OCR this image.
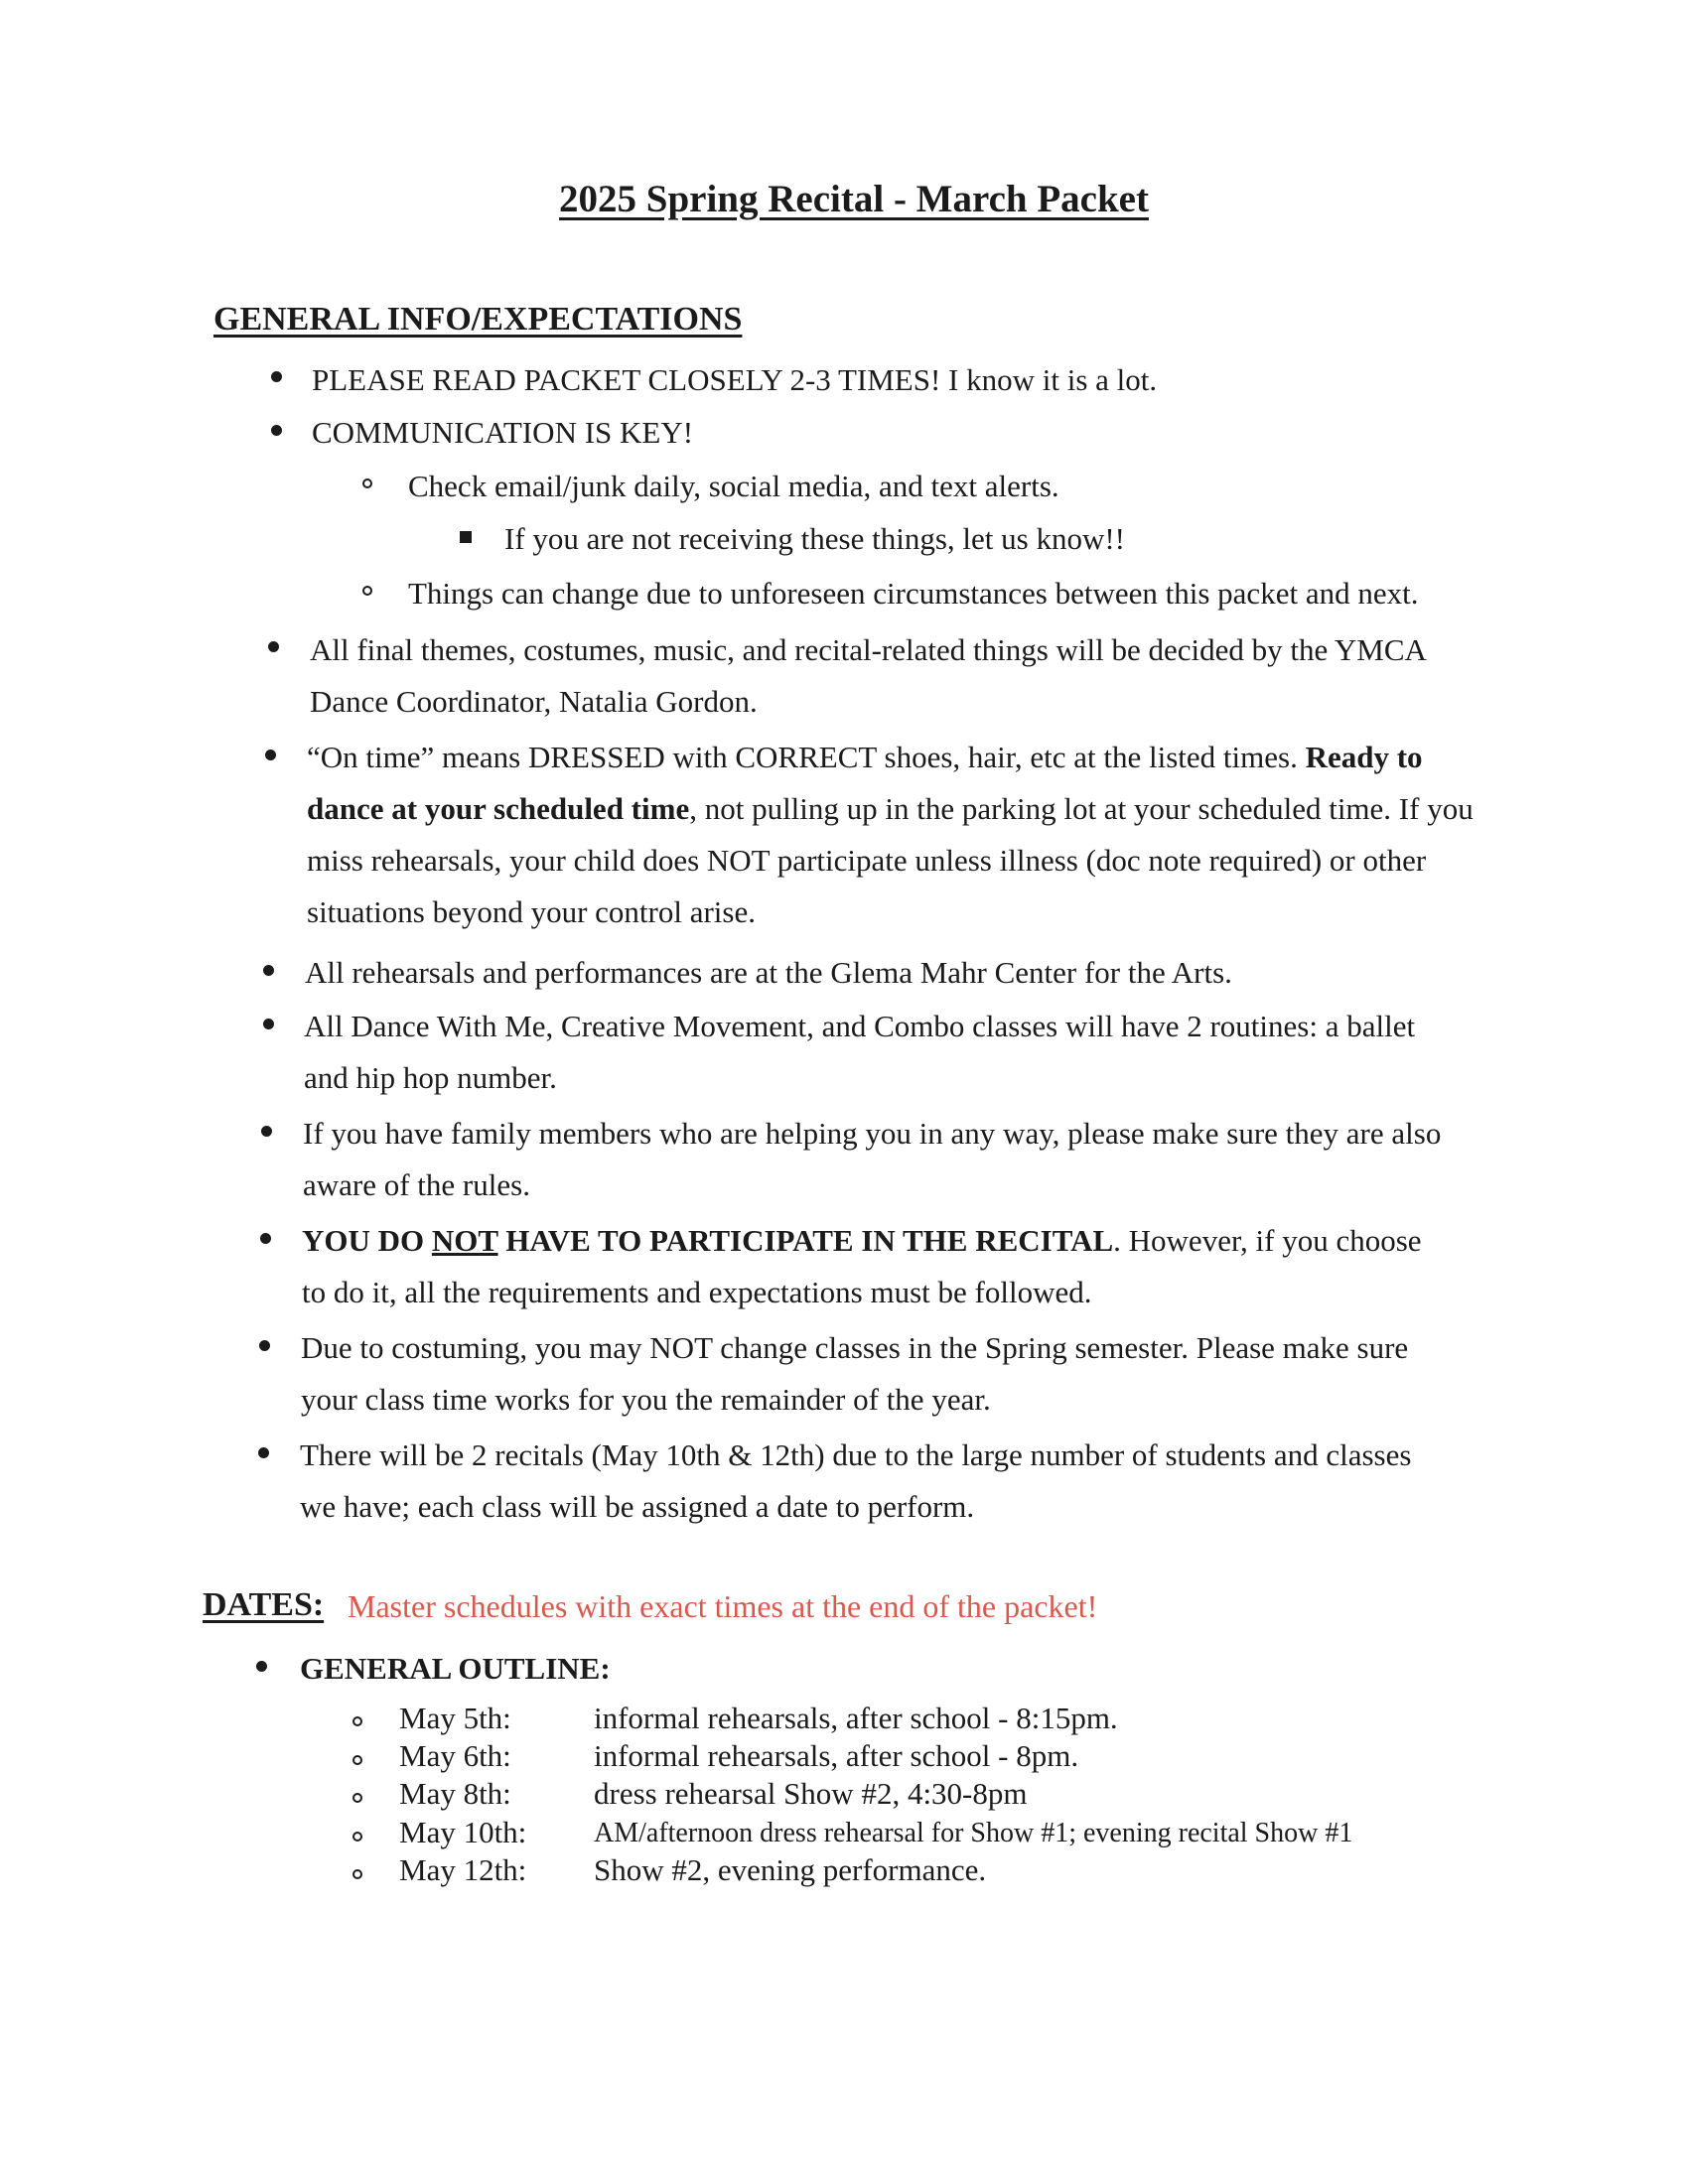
2025 Spring Recital - March Packet
GENERAL INFO/EXPECTATIONS
PLEASE READ PACKET CLOSELY 2-3 TIMES! I know it is a lot.
COMMUNICATION IS KEY!
Check email/junk daily, social media, and text alerts.
If you are not receiving these things, let us know!!
Things can change due to unforeseen circumstances between this packet and next.
All final themes, costumes, music, and recital-related things will be decided by the YMCA Dance Coordinator, Natalia Gordon.
“On time” means DRESSED with CORRECT shoes, hair, etc at the listed times. Ready to dance at your scheduled time, not pulling up in the parking lot at your scheduled time. If you miss rehearsals, your child does NOT participate unless illness (doc note required) or other situations beyond your control arise.
All rehearsals and performances are at the Glema Mahr Center for the Arts.
All Dance With Me, Creative Movement, and Combo classes will have 2 routines: a ballet and hip hop number.
If you have family members who are helping you in any way, please make sure they are also aware of the rules.
YOU DO NOT HAVE TO PARTICIPATE IN THE RECITAL. However, if you choose to do it, all the requirements and expectations must be followed.
Due to costuming, you may NOT change classes in the Spring semester. Please make sure your class time works for you the remainder of the year.
There will be 2 recitals (May 10th & 12th) due to the large number of students and classes we have; each class will be assigned a date to perform.
DATES: Master schedules with exact times at the end of the packet!
GENERAL OUTLINE:
May 5th:	informal rehearsals, after school - 8:15pm.
May 6th:	informal rehearsals, after school - 8pm.
May 8th:	dress rehearsal Show #2, 4:30-8pm
May 10th: AM/afternoon dress rehearsal for Show #1; evening recital Show #1
May 12th: Show #2, evening performance.
